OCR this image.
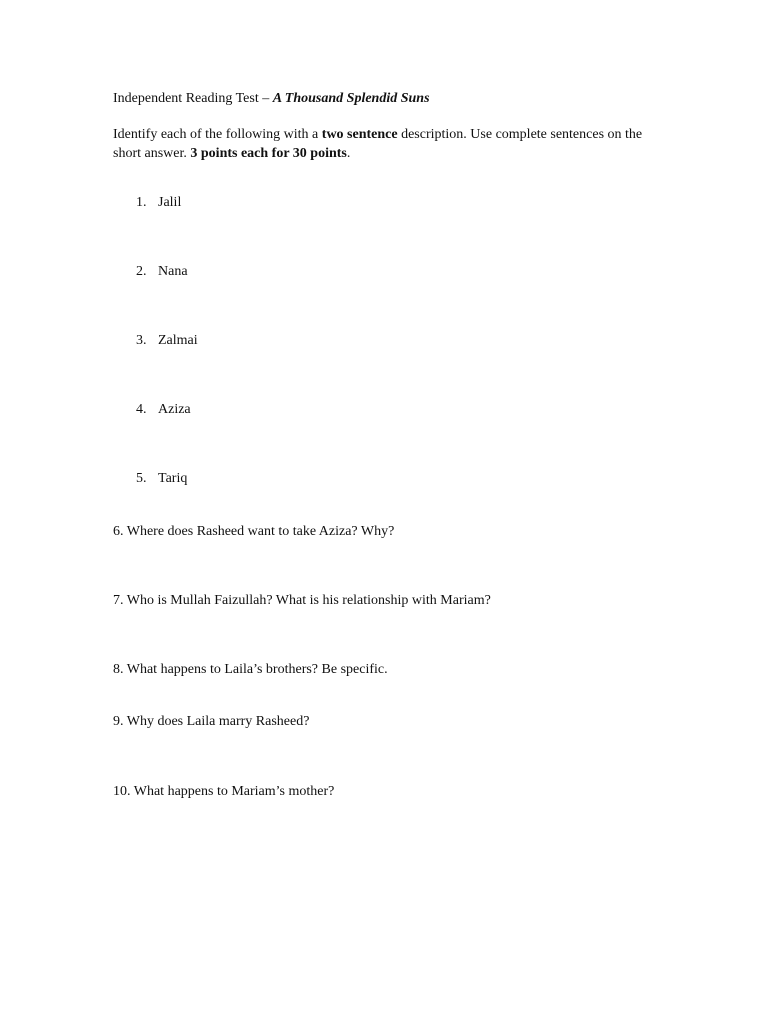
Independent Reading Test – A Thousand Splendid Suns
Identify each of the following with a two sentence description. Use complete sentences on the short answer. 3 points each for 30 points.
1. Jalil
2. Nana
3. Zalmai
4. Aziza
5. Tariq
6. Where does Rasheed want to take Aziza? Why?
7. Who is Mullah Faizullah? What is his relationship with Mariam?
8. What happens to Laila’s brothers? Be specific.
9. Why does Laila marry Rasheed?
10. What happens to Mariam’s mother?
